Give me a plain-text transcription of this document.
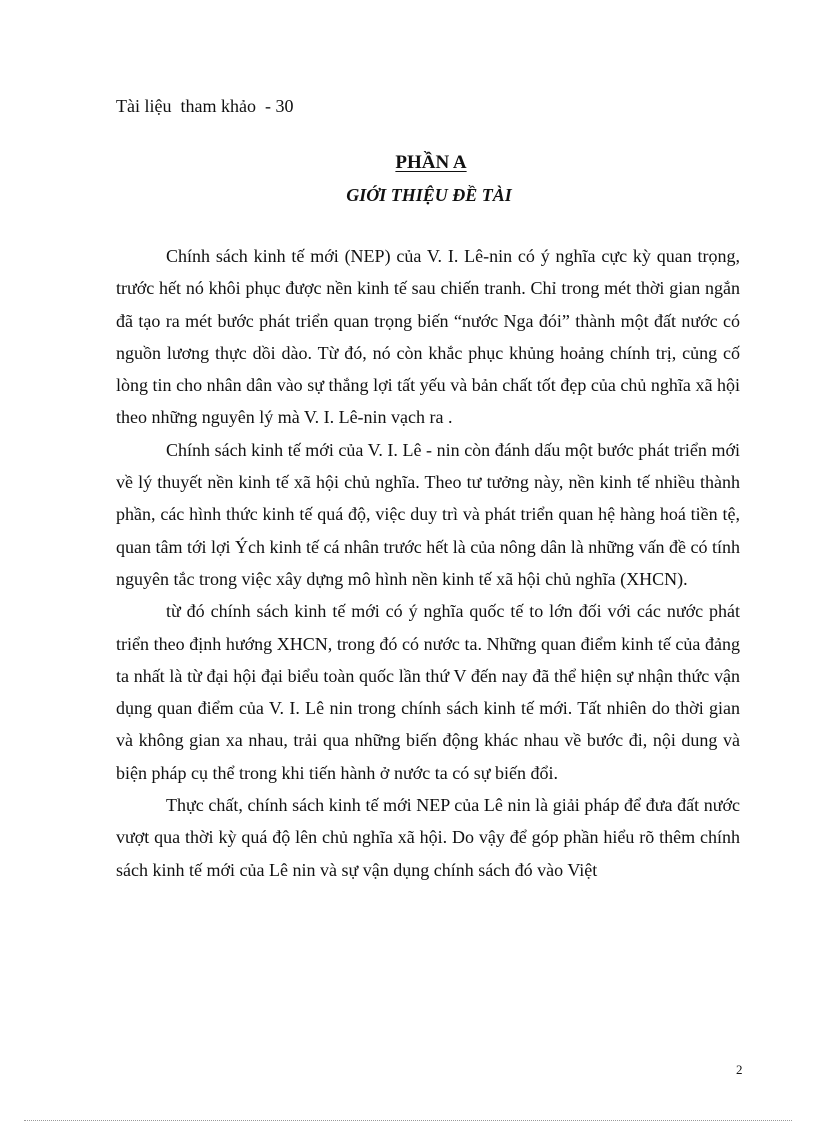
Tài liệu  tham khảo  - 30
PHẦN A
GIỚI THIỆU ĐỀ TÀI

Chính sách kinh tế mới (NEP) của V. I. Lê-nin có ý nghĩa cực kỳ quan trọng, trước hết nó khôi phục được nền kinh tế sau chiến tranh. Chỉ trong mét thời gian ngắn đã tạo ra mét bước phát triển quan trọng biến “nước Nga đói” thành một đất nước có nguồn lương thực dồi dào. Từ đó, nó còn khắc phục khủng hoảng chính trị, củng cố lòng tin cho nhân dân vào sự thắng lợi tất yếu và bản chất tốt đẹp của chủ nghĩa xã hội theo những nguyên lý mà V. I. Lê-nin vạch ra .

Chính sách kinh tế mới của V. I. Lê - nin còn đánh dấu một bước phát triển mới về lý thuyết nền kinh tế xã hội chủ nghĩa. Theo tư tưởng này, nền kinh tế nhiều thành phần, các hình thức kinh tế quá độ, việc duy trì và phát triển quan hệ hàng hoá tiền tệ, quan tâm tới lợi Ých kinh tế cá nhân trước hết là của nông dân là những vấn đề có tính nguyên tắc trong việc xây dựng mô hình nền kinh tế xã hội chủ nghĩa (XHCN).

từ đó chính sách kinh tế mới có ý nghĩa quốc tế to lớn đối với các nước phát triển theo định hướng XHCN, trong đó có nước ta. Những quan điểm kinh tế của đảng ta nhất là từ đại hội đại biểu toàn quốc lần thứ V đến nay đã thể hiện sự nhận thức vận dụng quan điểm của V. I. Lê nin trong chính sách kinh tế mới. Tất nhiên do thời gian và không gian xa nhau, trải qua những biến động khác nhau về bước đi, nội dung và biện pháp cụ thể trong khi tiến hành ở nước ta có sự biến đổi.

Thực chất, chính sách kinh tế mới NEP của Lê nin là giải pháp để đưa đất nước vượt qua thời kỳ quá độ lên chủ nghĩa xã hội. Do vậy để góp phần hiểu rõ thêm chính sách kinh tế mới của Lê nin và sự vận dụng chính sách đó vào Việt

2
